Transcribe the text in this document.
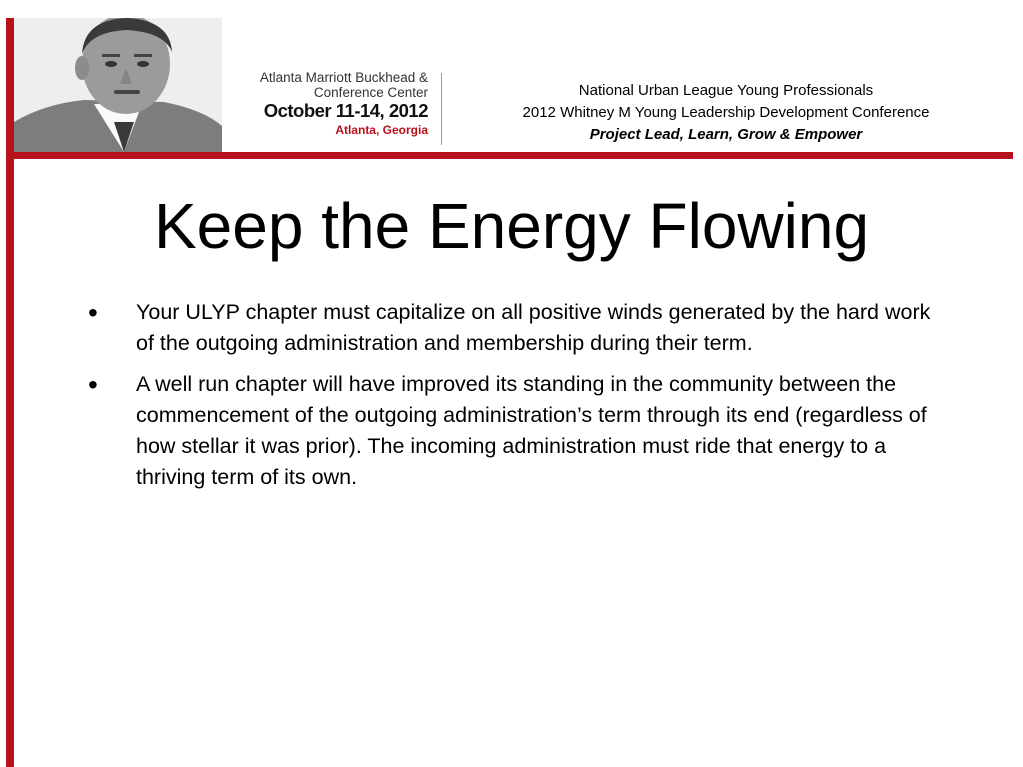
Atlanta Marriott Buckhead &
Conference Center
October 11-14, 2012
Atlanta, Georgia
National Urban League Young Professionals
2012 Whitney M Young Leadership Development Conference
Project Lead, Learn, Grow & Empower
Keep the Energy Flowing
• Your ULYP chapter must capitalize on all positive winds generated by the hard work of the outgoing administration and membership during their term.
• A well run chapter will have improved its standing in the community between the commencement of the outgoing administration’s term through its end (regardless of how stellar it was prior). The incoming administration must ride that energy to a thriving term of its own.
